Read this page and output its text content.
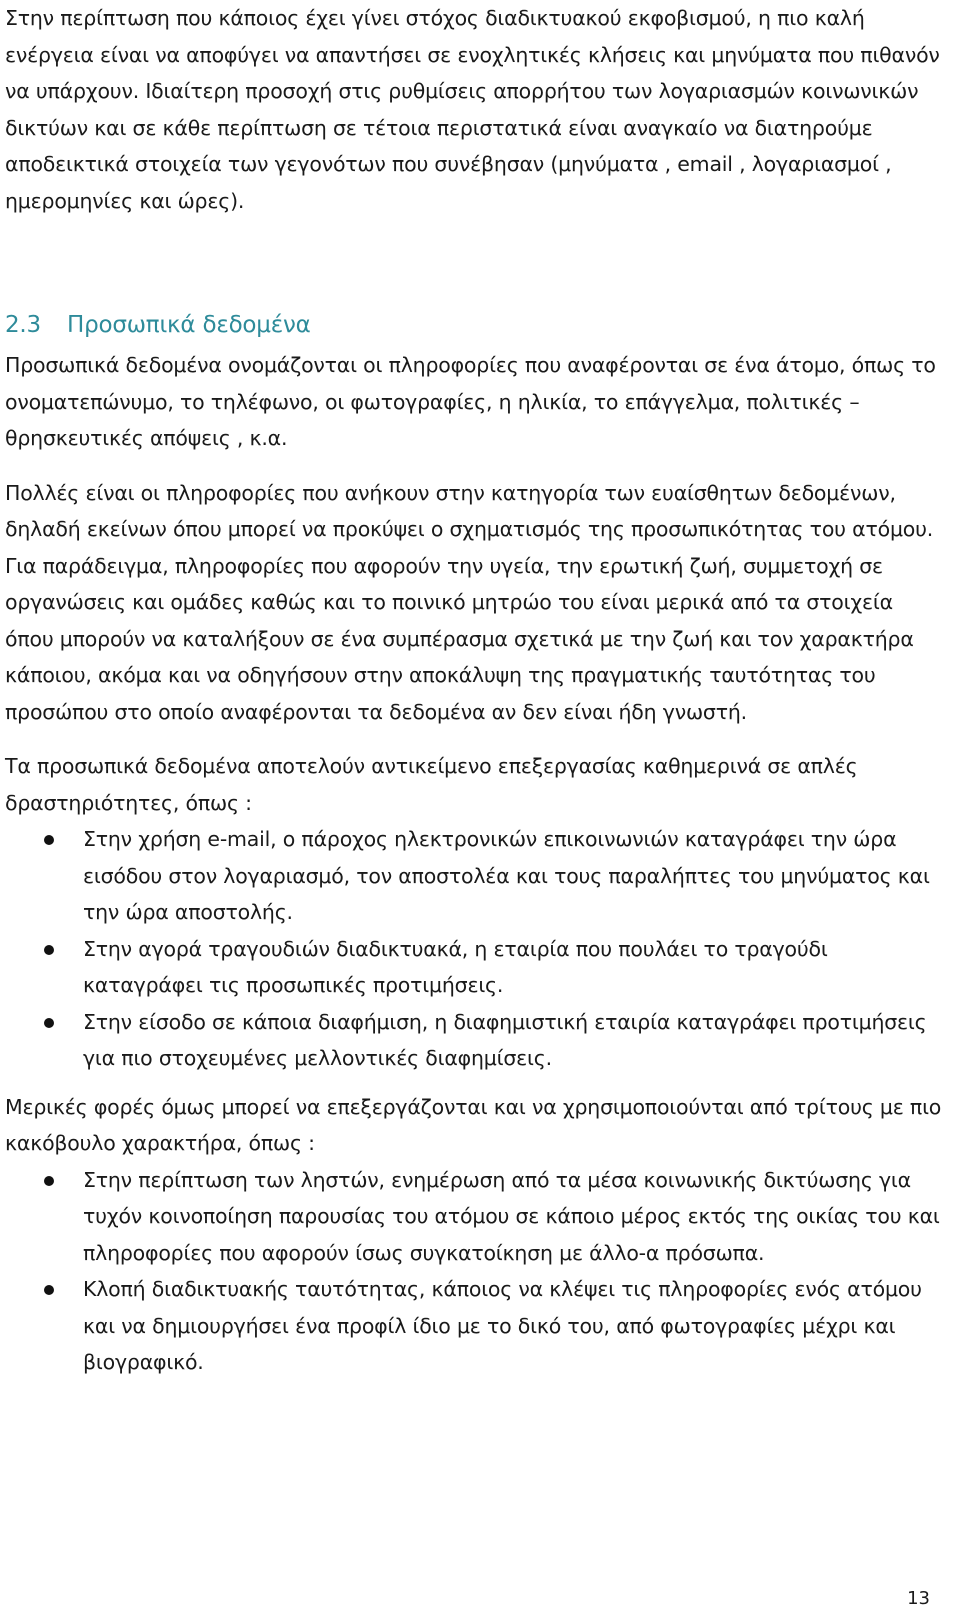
Στην περίπτωση που κάποιος έχει γίνει στόχος διαδικτυακού εκφοβισμού, η πιο καλή ενέργεια είναι να αποφύγει να απαντήσει σε ενοχλητικές κλήσεις και μηνύματα που πιθανόν να υπάρχουν. Ιδιαίτερη προσοχή στις ρυθμίσεις απορρήτου των λογαριασμών κοινωνικών δικτύων και σε κάθε περίπτωση σε τέτοια περιστατικά είναι αναγκαίο να διατηρούμε αποδεικτικά στοιχεία των γεγονότων που συνέβησαν (μηνύματα , email , λογαριασμοί , ημερομηνίες και ώρες).

2.3 Προσωπικά δεδομένα

Προσωπικά δεδομένα ονομάζονται οι πληροφορίες που αναφέρονται σε ένα άτομο, όπως το ονοματεπώνυμο, το τηλέφωνο, οι φωτογραφίες, η ηλικία, το επάγγελμα, πολιτικές – θρησκευτικές απόψεις , κ.α.

Πολλές είναι οι πληροφορίες που ανήκουν στην κατηγορία των ευαίσθητων δεδομένων, δηλαδή εκείνων όπου μπορεί να προκύψει ο σχηματισμός της προσωπικότητας του ατόμου. Για παράδειγμα, πληροφορίες που αφορούν την υγεία, την ερωτική ζωή, συμμετοχή σε οργανώσεις και ομάδες καθώς και το ποινικό μητρώο του είναι μερικά από τα στοιχεία όπου μπορούν να καταλήξουν σε ένα συμπέρασμα σχετικά με την ζωή και τον χαρακτήρα κάποιου, ακόμα και να οδηγήσουν στην αποκάλυψη της πραγματικής ταυτότητας του προσώπου στο οποίο αναφέρονται τα δεδομένα αν δεν είναι ήδη γνωστή.

Τα προσωπικά δεδομένα αποτελούν αντικείμενο επεξεργασίας καθημερινά σε απλές δραστηριότητες, όπως :

Στην χρήση e-mail, ο πάροχος ηλεκτρονικών επικοινωνιών καταγράφει την ώρα εισόδου στον λογαριασμό, τον αποστολέα και τους παραλήπτες του μηνύματος και την ώρα αποστολής.
Στην αγορά τραγουδιών διαδικτυακά, η εταιρία που πουλάει το τραγούδι καταγράφει τις προσωπικές προτιμήσεις.
Στην είσοδο σε κάποια διαφήμιση, η διαφημιστική εταιρία καταγράφει προτιμήσεις για πιο στοχευμένες μελλοντικές διαφημίσεις.

Μερικές φορές όμως μπορεί να επεξεργάζονται και να χρησιμοποιούνται από τρίτους με πιο κακόβουλο χαρακτήρα, όπως :

Στην περίπτωση των ληστών, ενημέρωση από τα μέσα κοινωνικής δικτύωσης για τυχόν κοινοποίηση παρουσίας του ατόμου σε κάποιο μέρος εκτός της οικίας του και πληροφορίες που αφορούν ίσως συγκατοίκηση με άλλο-α πρόσωπα.
Κλοπή διαδικτυακής ταυτότητας, κάποιος να κλέψει τις πληροφορίες ενός ατόμου και να δημιουργήσει ένα προφίλ ίδιο με το δικό του, από φωτογραφίες μέχρι και βιογραφικό.
13
